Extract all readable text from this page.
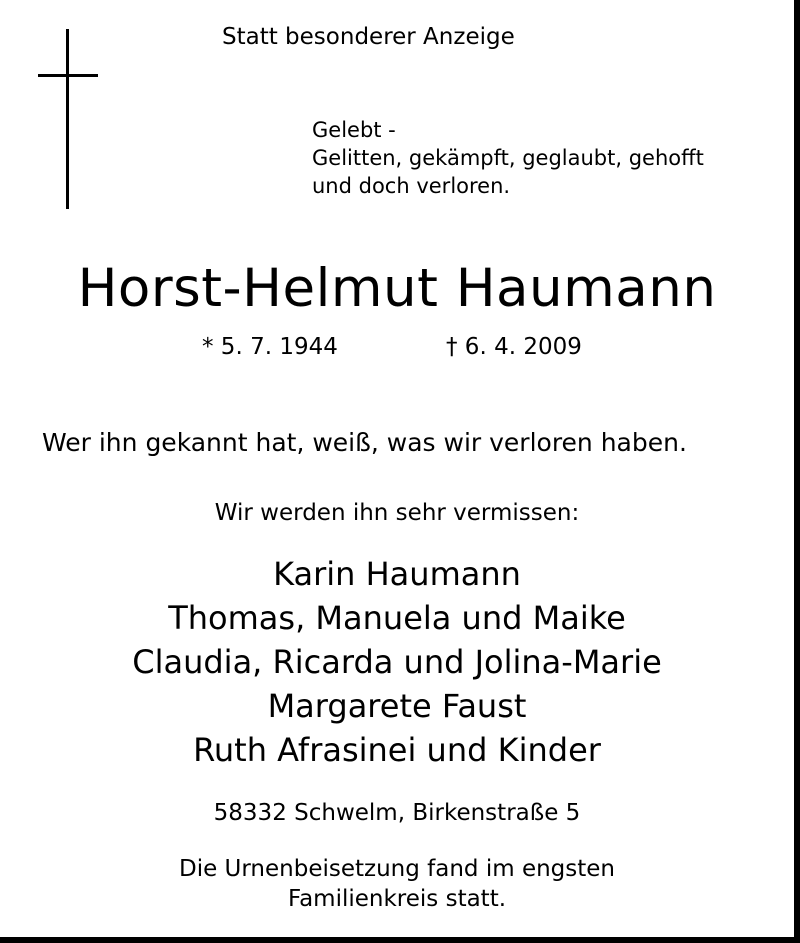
Statt besonderer Anzeige
Gelebt -
Gelitten, gekämpft, geglaubt, gehofft
und doch verloren.
Horst-Helmut Haumann
* 5. 7. 1944	† 6. 4. 2009
Wer ihn gekannt hat, weiß, was wir verloren haben.
Wir werden ihn sehr vermissen:
Karin Haumann
Thomas, Manuela und Maike
Claudia, Ricarda und Jolina-Marie
Margarete Faust
Ruth Afrasinei und Kinder
58332 Schwelm, Birkenstraße 5
Die Urnenbeisetzung fand im engsten
Familienkreis statt.
